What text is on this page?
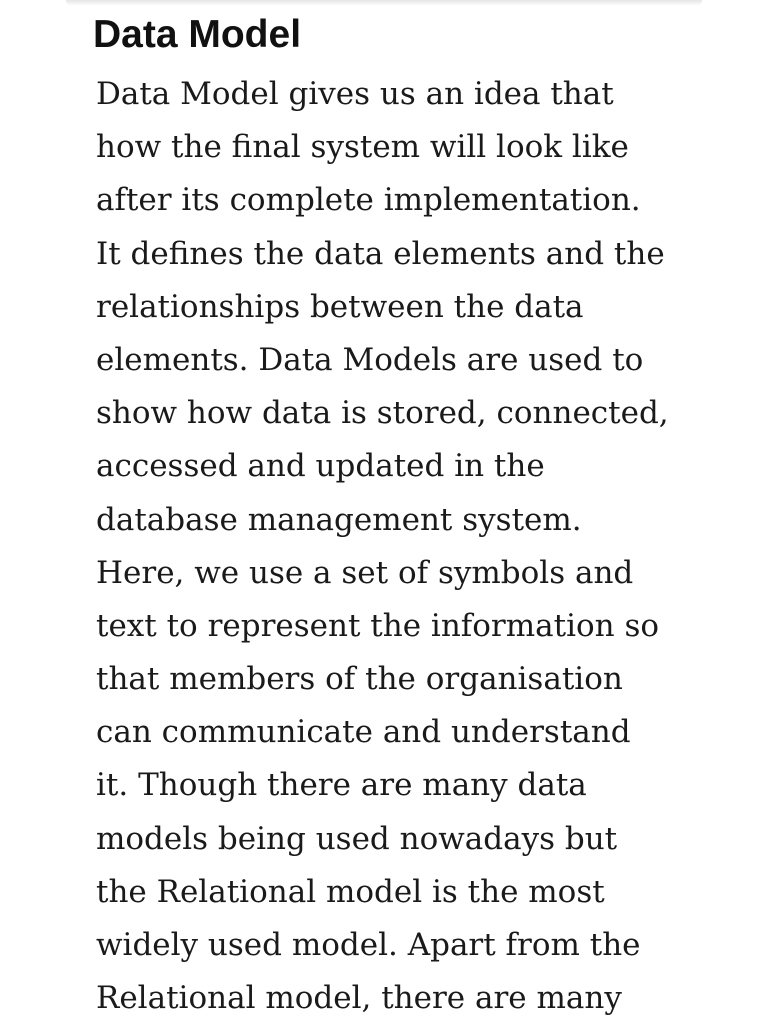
Data Model

Data Model gives us an idea that
how the final system will look like
after its complete implementation.
It defines the data elements and the
relationships between the data
elements. Data Models are used to
show how data is stored, connected,
accessed and updated in the
database management system.
Here, we use a set of symbols and
text to represent the information so
that members of the organisation
can communicate and understand
it. Though there are many data
models being used nowadays but
the Relational model is the most
widely used model. Apart from the
Relational model, there are many
